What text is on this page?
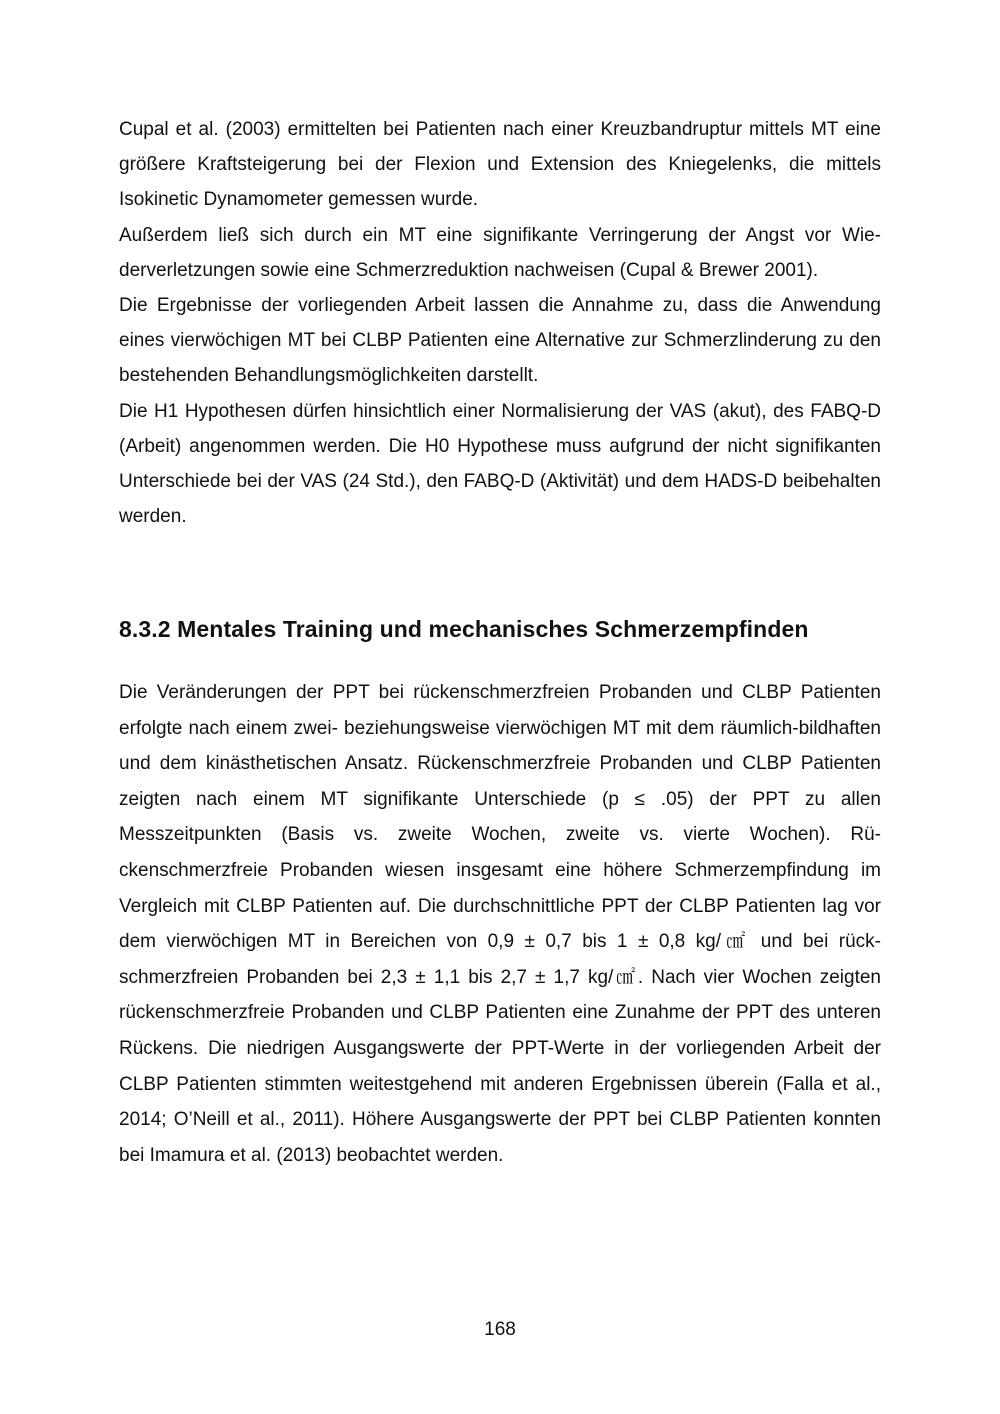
Cupal et al. (2003) ermittelten bei Patienten nach einer Kreuzbandruptur mittels MT eine größere Kraftsteigerung bei der Flexion und Extension des Kniegelenks, die mittels Isokinetic Dynamometer gemessen wurde.

Außerdem ließ sich durch ein MT eine signifikante Verringerung der Angst vor Wiederverletzungen sowie eine Schmerzreduktion nachweisen (Cupal & Brewer 2001).

Die Ergebnisse der vorliegenden Arbeit lassen die Annahme zu, dass die Anwendung eines vierwöchigen MT bei CLBP Patienten eine Alternative zur Schmerzlinderung zu den bestehenden Behandlungsmöglichkeiten darstellt.

Die H1 Hypothesen dürfen hinsichtlich einer Normalisierung der VAS (akut), des FABQ-D (Arbeit) angenommen werden. Die H0 Hypothese muss aufgrund der nicht signifikanten Unterschiede bei der VAS (24 Std.), den FABQ-D (Aktivität) und dem HADS-D beibehalten werden.

8.3.2 Mentales Training und mechanisches Schmerzempfinden

Die Veränderungen der PPT bei rückenschmerzfreien Probanden und CLBP Patienten erfolgte nach einem zwei- beziehungsweise vierwöchigen MT mit dem räumlich-bildhaften und dem kinästhetischen Ansatz. Rückenschmerzfreie Probanden und CLBP Patienten zeigten nach einem MT signifikante Unterschiede (p ≤ .05) der PPT zu allen Messzeitpunkten (Basis vs. zweite Wochen, zweite vs. vierte Wochen). Rückenschmerzfreie Probanden wiesen insgesamt eine höhere Schmerzempfindung im Vergleich mit CLBP Patienten auf. Die durchschnittliche PPT der CLBP Patienten lag vor dem vierwöchigen MT in Bereichen von 0,9 ± 0,7 bis 1 ± 0,8 kg/㎠ und bei rückschmerzfreien Probanden bei 2,3 ± 1,1 bis 2,7 ± 1,7 kg/㎠. Nach vier Wochen zeigten rückenschmerzfreie Probanden und CLBP Patienten eine Zunahme der PPT des unteren Rückens. Die niedrigen Ausgangswerte der PPT-Werte in der vorliegenden Arbeit der CLBP Patienten stimmten weitestgehend mit anderen Ergebnissen überein (Falla et al., 2014; O’Neill et al., 2011). Höhere Ausgangswerte der PPT bei CLBP Patienten konnten bei Imamura et al. (2013) beobachtet werden.

168
